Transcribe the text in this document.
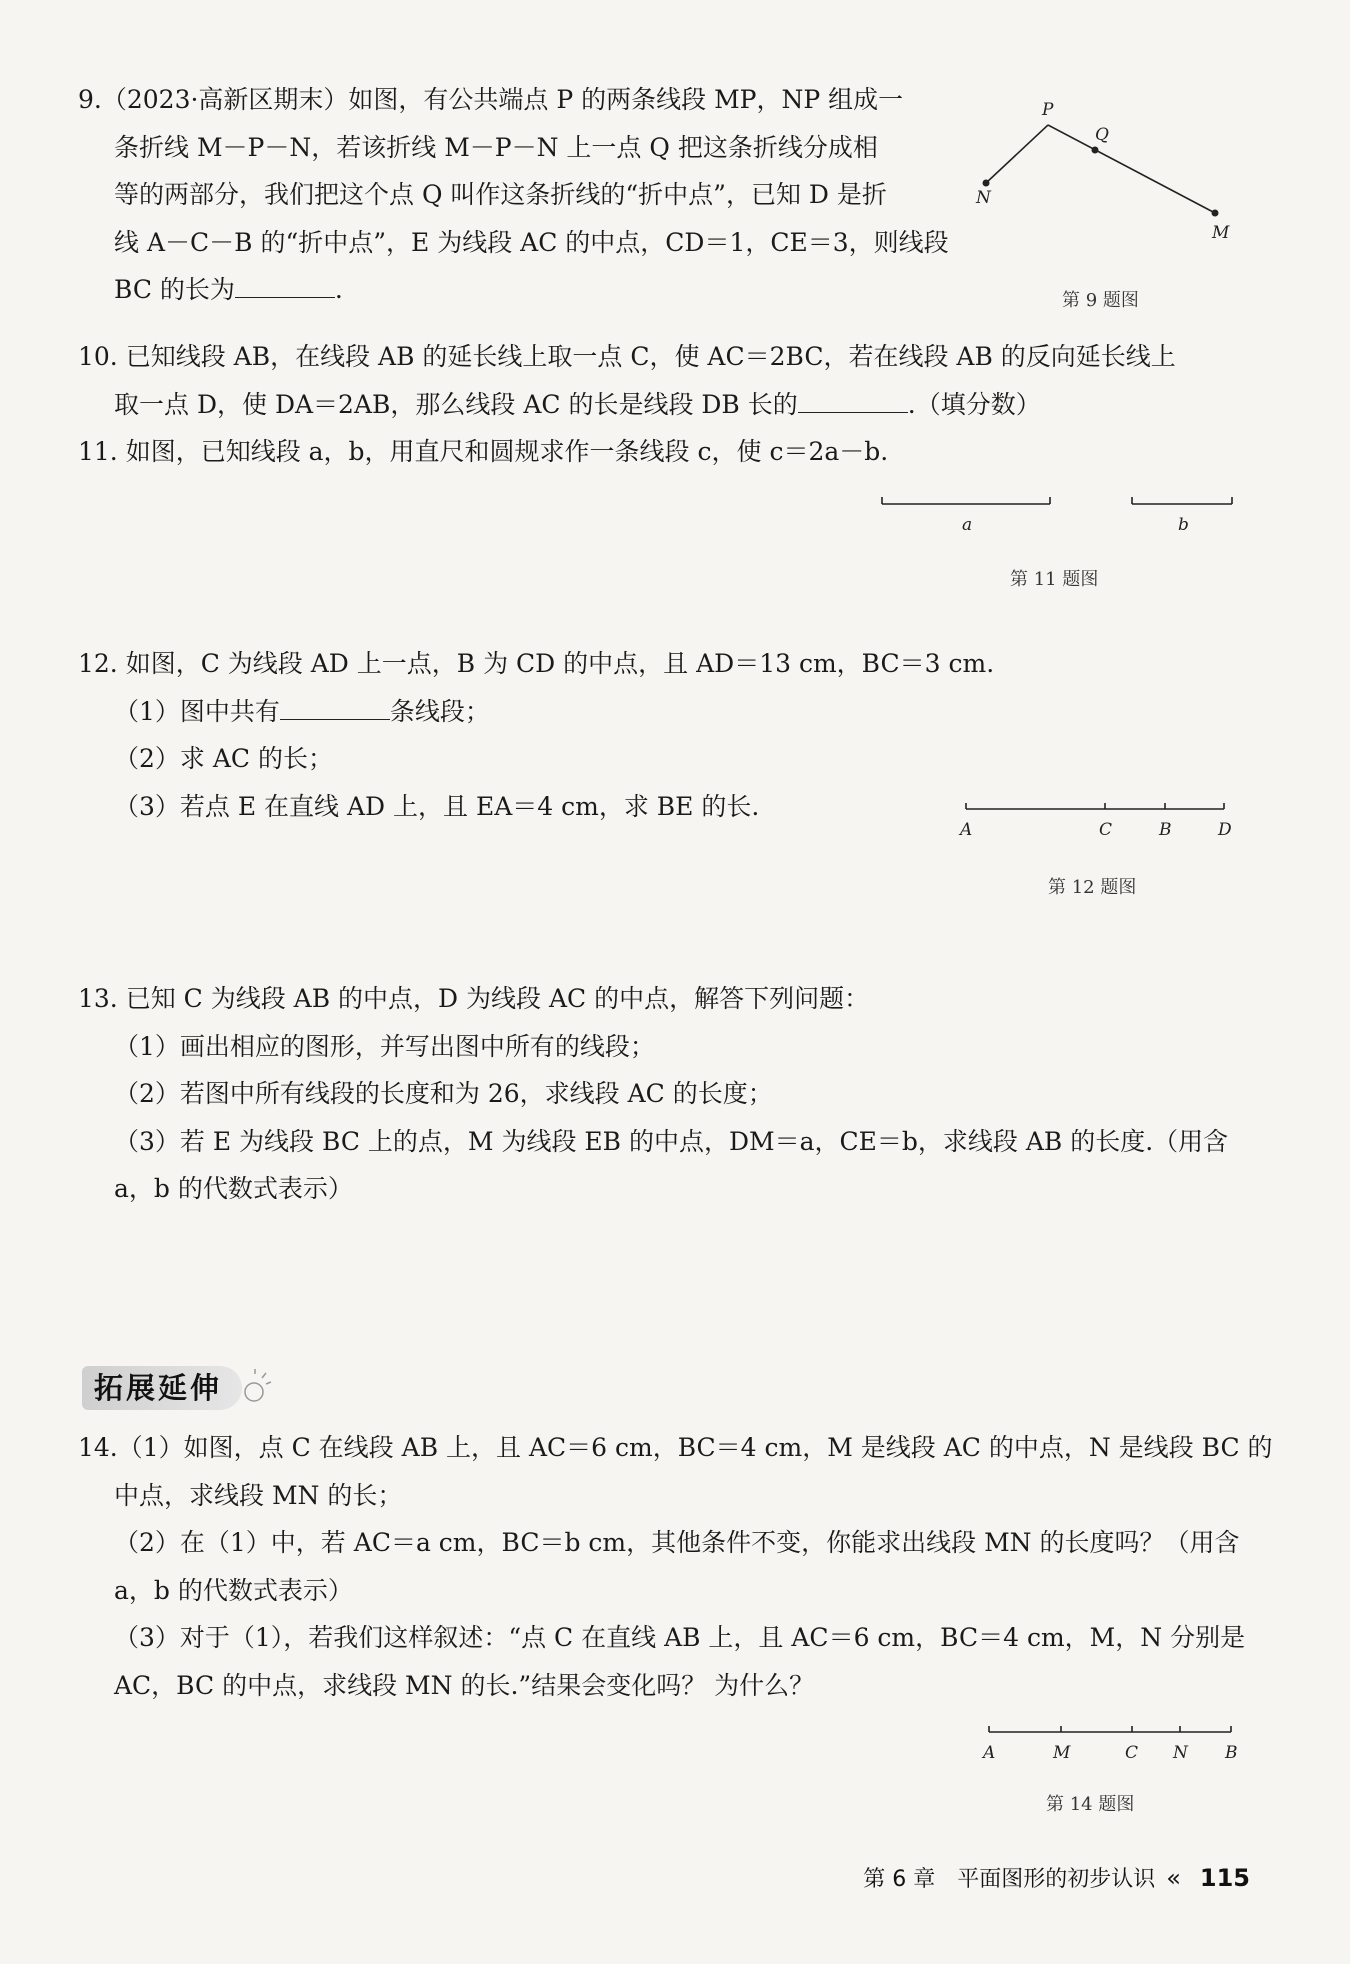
9.（2023·高新区期末）如图，有公共端点 P 的两条线段 MP，NP 组成一
条折线 M－P－N，若该折线 M－P－N 上一点 Q 把这条折线分成相
等的两部分，我们把这个点 Q 叫作这条折线的“折中点”，已知 D 是折
线 A－C－B 的“折中点”，E 为线段 AC 的中点，CD＝1，CE＝3，则线段
BC 的长为	.
P
Q
N
M
第 9 题图
10. 已知线段 AB，在线段 AB 的延长线上取一点 C，使 AC＝2BC，若在线段 AB 的反向延长线上
取一点 D，使 DA＝2AB，那么线段 AC 的长是线段 DB 长的	.（填分数）
11. 如图，已知线段 a，b，用直尺和圆规求作一条线段 c，使 c＝2a－b.
a	b
第 11 题图
12. 如图，C 为线段 AD 上一点，B 为 CD 的中点，且 AD＝13 cm，BC＝3 cm.
（1）图中共有	条线段；
（2）求 AC 的长；
（3）若点 E 在直线 AD 上，且 EA＝4 cm，求 BE 的长.
A	C	B	D
第 12 题图
13. 已知 C 为线段 AB 的中点，D 为线段 AC 的中点，解答下列问题：
（1）画出相应的图形，并写出图中所有的线段；
（2）若图中所有线段的长度和为 26，求线段 AC 的长度；
（3）若 E 为线段 BC 上的点，M 为线段 EB 的中点，DM＝a，CE＝b，求线段 AB 的长度.（用含
a，b 的代数式表示）
拓展延伸
14.（1）如图，点 C 在线段 AB 上，且 AC＝6 cm，BC＝4 cm，M 是线段 AC 的中点，N 是线段 BC 的
中点，求线段 MN 的长；
（2）在（1）中，若 AC＝a cm，BC＝b cm，其他条件不变，你能求出线段 MN 的长度吗？（用含
a，b 的代数式表示）
（3）对于（1），若我们这样叙述：“点 C 在直线 AB 上，且 AC＝6 cm，BC＝4 cm，M，N 分别是
AC，BC 的中点，求线段 MN 的长.”结果会变化吗？ 为什么？
A	M	C N B
第 14 题图
第 6 章　平面图形的初步认识 « 115
